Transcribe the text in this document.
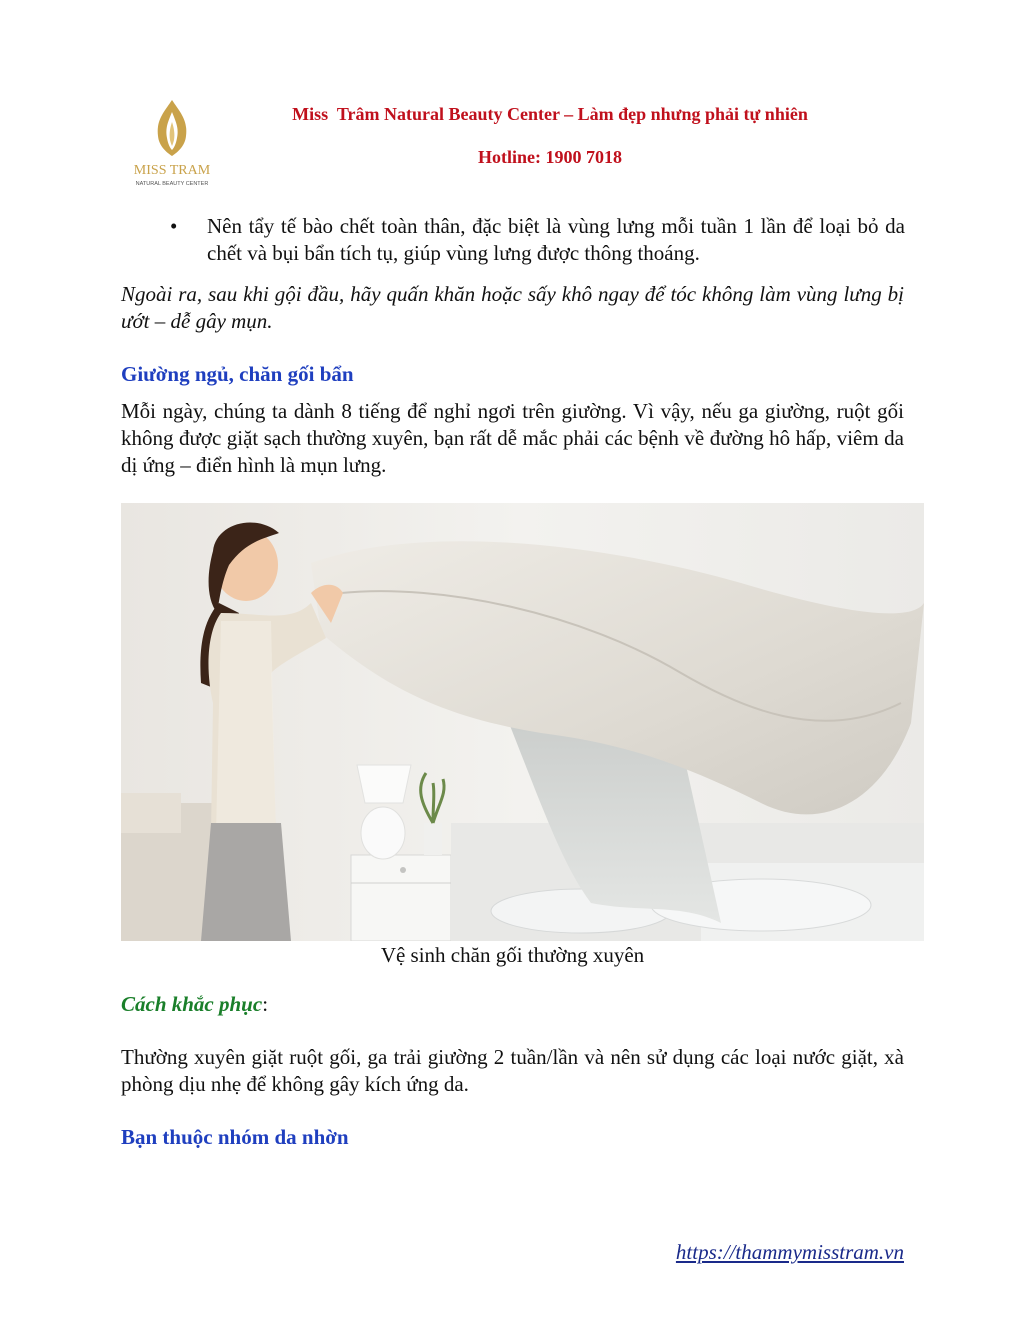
MISS TRAM
NATURAL BEAUTY CENTER
Miss  Trâm Natural Beauty Center – Làm đẹp nhưng phải tự nhiên
Hotline: 1900 7018
• Nên tẩy tế bào chết toàn thân, đặc biệt là vùng lưng mỗi tuần 1 lần để loại bỏ da chết và bụi bẩn tích tụ, giúp vùng lưng được thông thoáng.
Ngoài ra, sau khi gội đầu, hãy quấn khăn hoặc sấy khô ngay để tóc không làm vùng lưng bị ướt – dễ gây mụn.
Giường ngủ, chăn gối bẩn
Mỗi ngày, chúng ta dành 8 tiếng để nghỉ ngơi trên giường. Vì vậy, nếu ga giường, ruột gối không được giặt sạch thường xuyên, bạn rất dễ mắc phải các bệnh về đường hô hấp, viêm da dị ứng – điển hình là mụn lưng.
Vệ sinh chăn gối thường xuyên
Cách khắc phục:
Thường xuyên giặt ruột gối, ga trải giường 2 tuần/lần và nên sử dụng các loại nước giặt, xà phòng dịu nhẹ để không gây kích ứng da.
Bạn thuộc nhóm da nhờn
https://thammymisstram.vn
